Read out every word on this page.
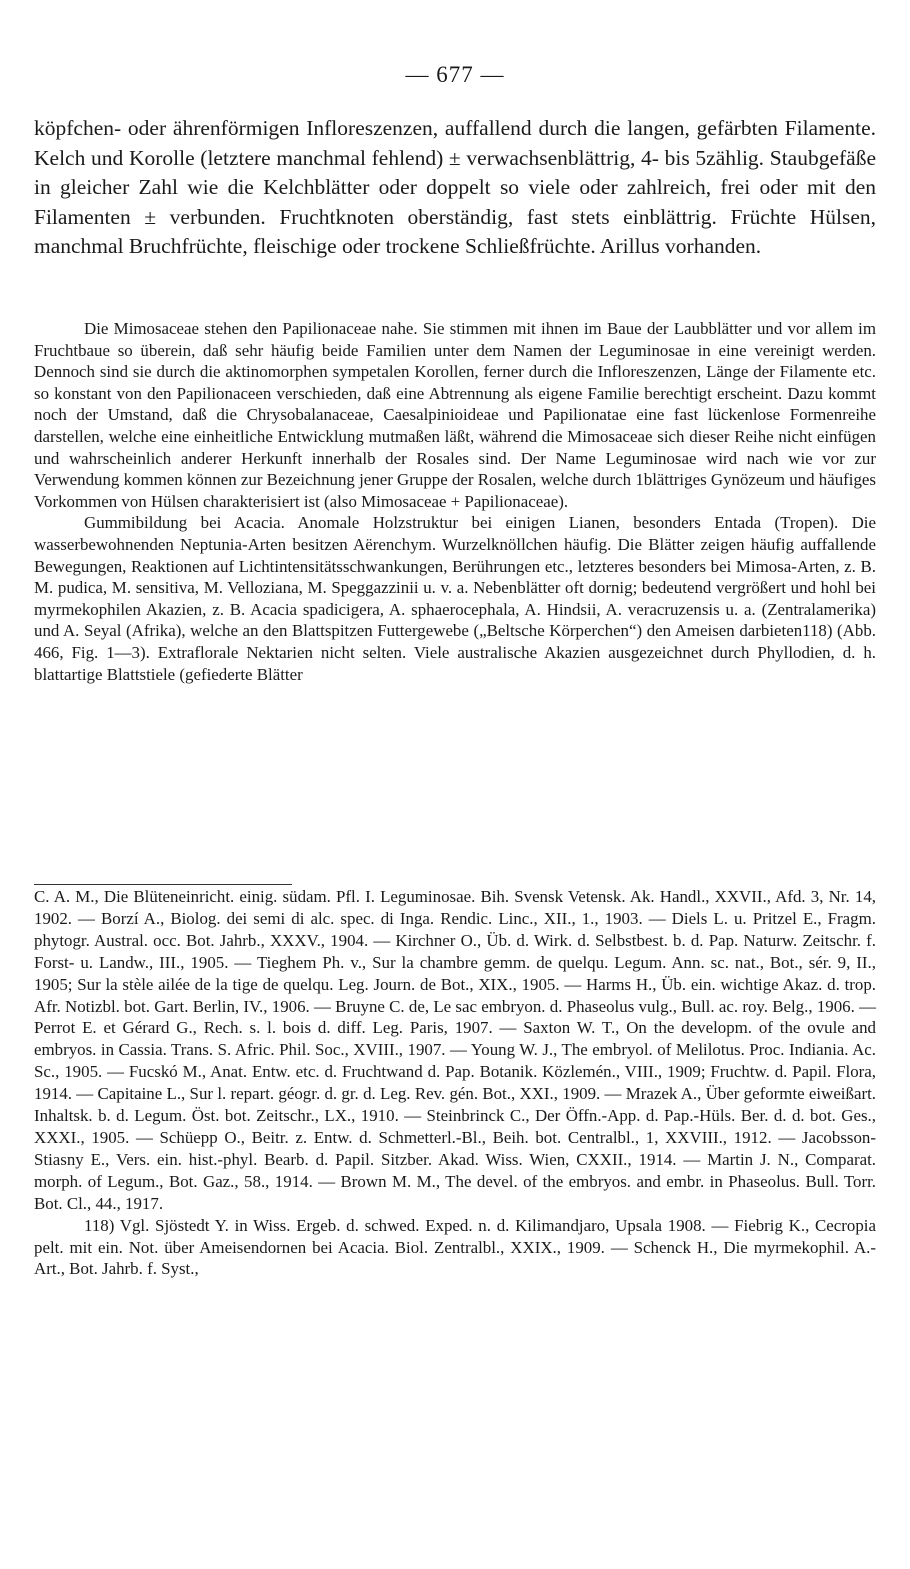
— 677 —

köpfchen- oder ährenförmigen Infloreszenzen, auffallend durch die langen, gefärbten Filamente. Kelch und Korolle (letztere manchmal fehlend) ± verwachsenblättrig, 4- bis 5zählig. Staubgefäße in gleicher Zahl wie die Kelchblätter oder doppelt so viele oder zahlreich, frei oder mit den Filamenten ± verbunden. Fruchtknoten oberständig, fast stets einblättrig. Früchte Hülsen, manchmal Bruchfrüchte, fleischige oder trockene Schließfrüchte. Arillus vorhanden.

Die Mimosaceae stehen den Papilionaceae nahe. Sie stimmen mit ihnen im Baue der Laubblätter und vor allem im Fruchtbaue so überein, daß sehr häufig beide Familien unter dem Namen der Leguminosae in eine vereinigt werden. Dennoch sind sie durch die aktinomorphen sympetalen Korollen, ferner durch die Infloreszenzen, Länge der Filamente etc. so konstant von den Papilionaceen verschieden, daß eine Abtrennung als eigene Familie berechtigt erscheint. Dazu kommt noch der Umstand, daß die Chrysobalanaceae, Caesalpinioideae und Papilionatae eine fast lückenlose Formenreihe darstellen, welche eine einheitliche Entwicklung mutmaßen läßt, während die Mimosaceae sich dieser Reihe nicht einfügen und wahrscheinlich anderer Herkunft innerhalb der Rosales sind. Der Name Leguminosae wird nach wie vor zur Verwendung kommen können zur Bezeichnung jener Gruppe der Rosalen, welche durch 1blättriges Gynözeum und häufiges Vorkommen von Hülsen charakterisiert ist (also Mimosaceae + Papilionaceae).

Gummibildung bei Acacia. Anomale Holzstruktur bei einigen Lianen, besonders Entada (Tropen). Die wasserbewohnenden Neptunia-Arten besitzen Aërenchym. Wurzelknöllchen häufig. Die Blätter zeigen häufig auffallende Bewegungen, Reaktionen auf Lichtintensitätsschwankungen, Berührungen etc., letzteres besonders bei Mimosa-Arten, z. B. M. pudica, M. sensitiva, M. Velloziana, M. Speggazzinii u. v. a. Nebenblätter oft dornig; bedeutend vergrößert und hohl bei myrmekophilen Akazien, z. B. Acacia spadicigera, A. sphaerocephala, A. Hindsii, A. veracruzensis u. a. (Zentralamerika) und A. Seyal (Afrika), welche an den Blattspitzen Futtergewebe („Beltsche Körperchen“) den Ameisen darbieten118) (Abb. 466, Fig. 1—3). Extraflorale Nektarien nicht selten. Viele australische Akazien ausgezeichnet durch Phyllodien, d. h. blattartige Blattstiele (gefiederte Blätter

C. A. M., Die Blüteneinricht. einig. südam. Pfl. I. Leguminosae. Bih. Svensk Vetensk. Ak. Handl., XXVII., Afd. 3, Nr. 14, 1902. — Borzí A., Biolog. dei semi di alc. spec. di Inga. Rendic. Linc., XII., 1., 1903. — Diels L. u. Pritzel E., Fragm. phytogr. Austral. occ. Bot. Jahrb., XXXV., 1904. — Kirchner O., Üb. d. Wirk. d. Selbstbest. b. d. Pap. Naturw. Zeitschr. f. Forst- u. Landw., III., 1905. — Tieghem Ph. v., Sur la chambre gemm. de quelqu. Legum. Ann. sc. nat., Bot., sér. 9, II., 1905; Sur la stèle ailée de la tige de quelqu. Leg. Journ. de Bot., XIX., 1905. — Harms H., Üb. ein. wichtige Akaz. d. trop. Afr. Notizbl. bot. Gart. Berlin, IV., 1906. — Bruyne C. de, Le sac embryon. d. Phaseolus vulg., Bull. ac. roy. Belg., 1906. — Perrot E. et Gérard G., Rech. s. l. bois d. diff. Leg. Paris, 1907. — Saxton W. T., On the developm. of the ovule and embryos. in Cassia. Trans. S. Afric. Phil. Soc., XVIII., 1907. — Young W. J., The embryol. of Melilotus. Proc. Indiania. Ac. Sc., 1905. — Fucskó M., Anat. Entw. etc. d. Fruchtwand d. Pap. Botanik. Közlemén., VIII., 1909; Fruchtw. d. Papil. Flora, 1914. — Capitaine L., Sur l. repart. géogr. d. gr. d. Leg. Rev. gén. Bot., XXI., 1909. — Mrazek A., Über geformte eiweißart. Inhaltsk. b. d. Legum. Öst. bot. Zeitschr., LX., 1910. — Steinbrinck C., Der Öffn.-App. d. Pap.-Hüls. Ber. d. d. bot. Ges., XXXI., 1905. — Schüepp O., Beitr. z. Entw. d. Schmetterl.-Bl., Beih. bot. Centralbl., 1, XXVIII., 1912. — Jacobsson-Stiasny E., Vers. ein. hist.-phyl. Bearb. d. Papil. Sitzber. Akad. Wiss. Wien, CXXII., 1914. — Martin J. N., Comparat. morph. of Legum., Bot. Gaz., 58., 1914. — Brown M. M., The devel. of the embryos. and embr. in Phaseolus. Bull. Torr. Bot. Cl., 44., 1917.

118) Vgl. Sjöstedt Y. in Wiss. Ergeb. d. schwed. Exped. n. d. Kilimandjaro, Upsala 1908. — Fiebrig K., Cecropia pelt. mit ein. Not. über Ameisendornen bei Acacia. Biol. Zentralbl., XXIX., 1909. — Schenck H., Die myrmekophil. A.-Art., Bot. Jahrb. f. Syst.,
